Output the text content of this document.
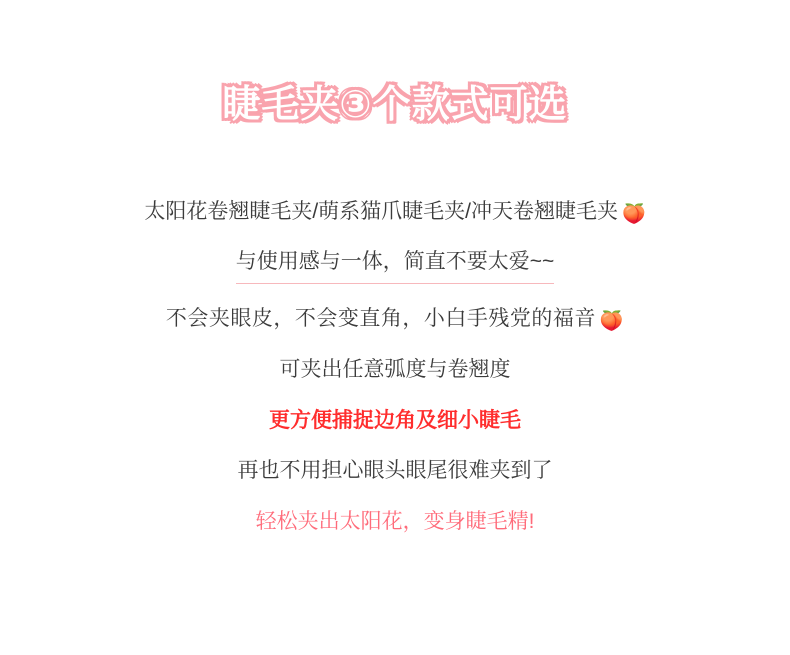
睫毛夹③个款式可选

太阳花卷翘睫毛夹/萌系猫爪睫毛夹/冲天卷翘睫毛夹 🍑

与使用感与一体，简直不要太爱~~

不会夹眼皮，不会变直角，小白手残党的福音 🍑

可夹出任意弧度与卷翘度

更方便捕捉边角及细小睫毛

再也不用担心眼头眼尾很难夹到了

轻松夹出太阳花，变身睫毛精!
